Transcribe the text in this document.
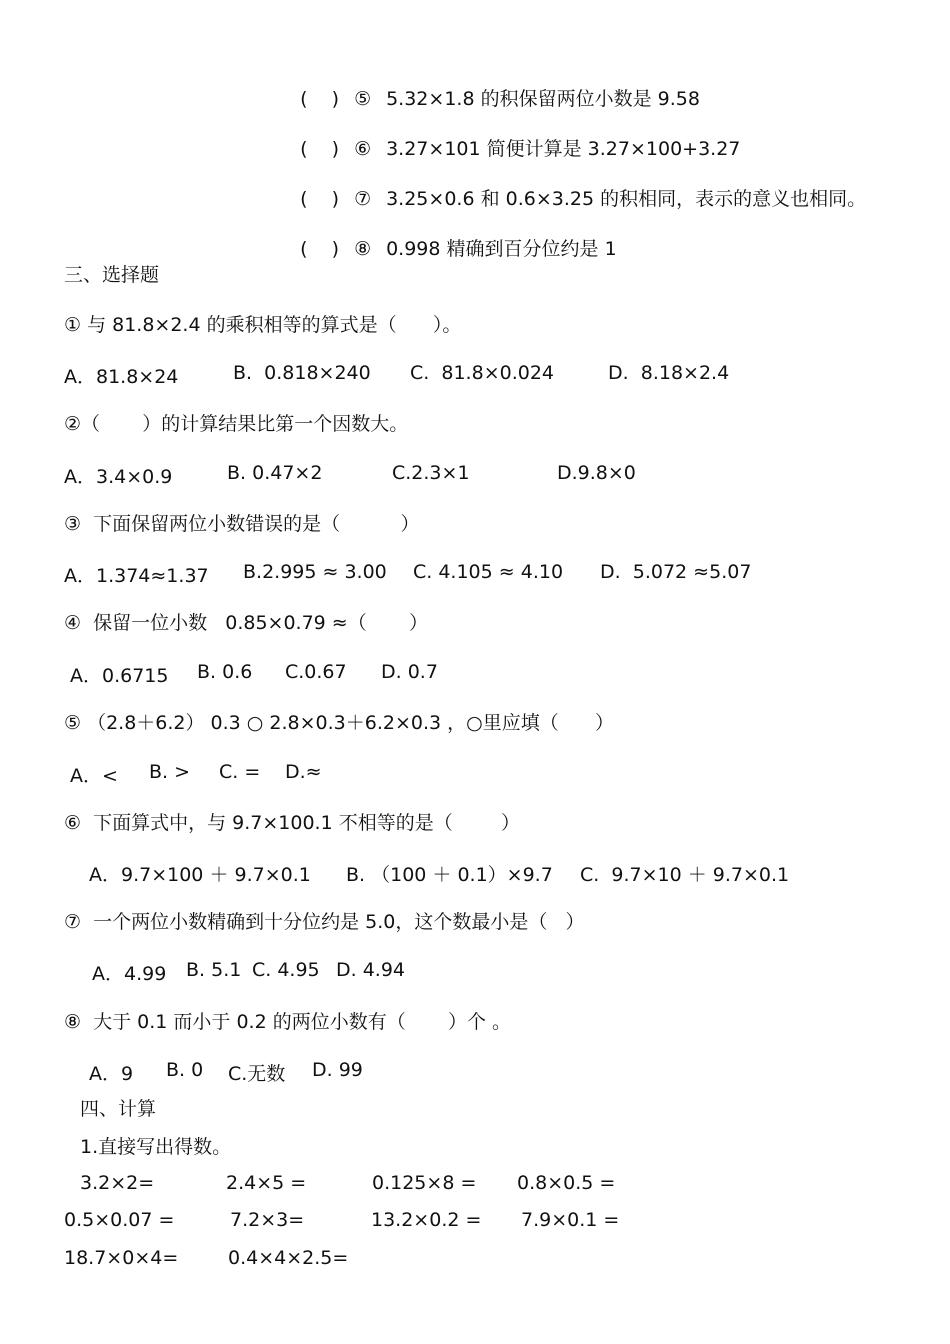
(    ) ⑤ 5.32×1.8 的积保留两位小数是 9.58

(    ) ⑥ 3.27×101 简便计算是 3.27×100+3.27

(    ) ⑦ 3.25×0.6 和 0.6×3.25 的积相同，表示的意义也相同。

(    ) ⑧ 0.998 精确到百分位约是 1

三、选择题
① 与 81.8×2.4 的乘积相等的算式是（      ）。
A．81.8×24	B.  0.818×240 C.  81.8×0.024	D.  8.18×2.4
②（       ）的计算结果比第一个因数大。
A．3.4×0.9	B. 0.47×2	C.2.3×1	D.9.8×0
③  下面保留两位小数错误的是（          ）
A．1.374≈1.37 B.2.995 ≈ 3.00 C. 4.105 ≈ 4.10 D.  5.072 ≈5.07
④  保留一位小数   0.85×0.79 ≈（       ）
A．0.6715 B. 0.6 C.0.67 D. 0.7
⑤ （2.8＋6.2） 0.3 ○ 2.8×0.3＋6.2×0.3 ，○里应填（      ）
A．< B. > C. = D.≈
⑥  下面算式中，与 9.7×100.1 不相等的是（        ）
A．9.7×100 ＋ 9.7×0.1 B. （100 ＋ 0.1）×9.7 C.  9.7×10 ＋ 9.7×0.1
⑦  一个两位小数精确到十分位约是 5.0，这个数最小是（   ）
A．4.99 B. 5.1 C. 4.95 D. 4.94
⑧  大于 0.1 而小于 0.2 的两位小数有（       ）个 。
A．9 B. 0 C.无数 D. 99
四、计算
1.直接写出得数。
3.2×2=	2.4×5 =	0.125×8 = 0.8×0.5 =
0.5×0.07 =	7.2×3=	13.2×0.2 = 7.9×0.1 =
18.7×0×4=	0.4×4×2.5=
